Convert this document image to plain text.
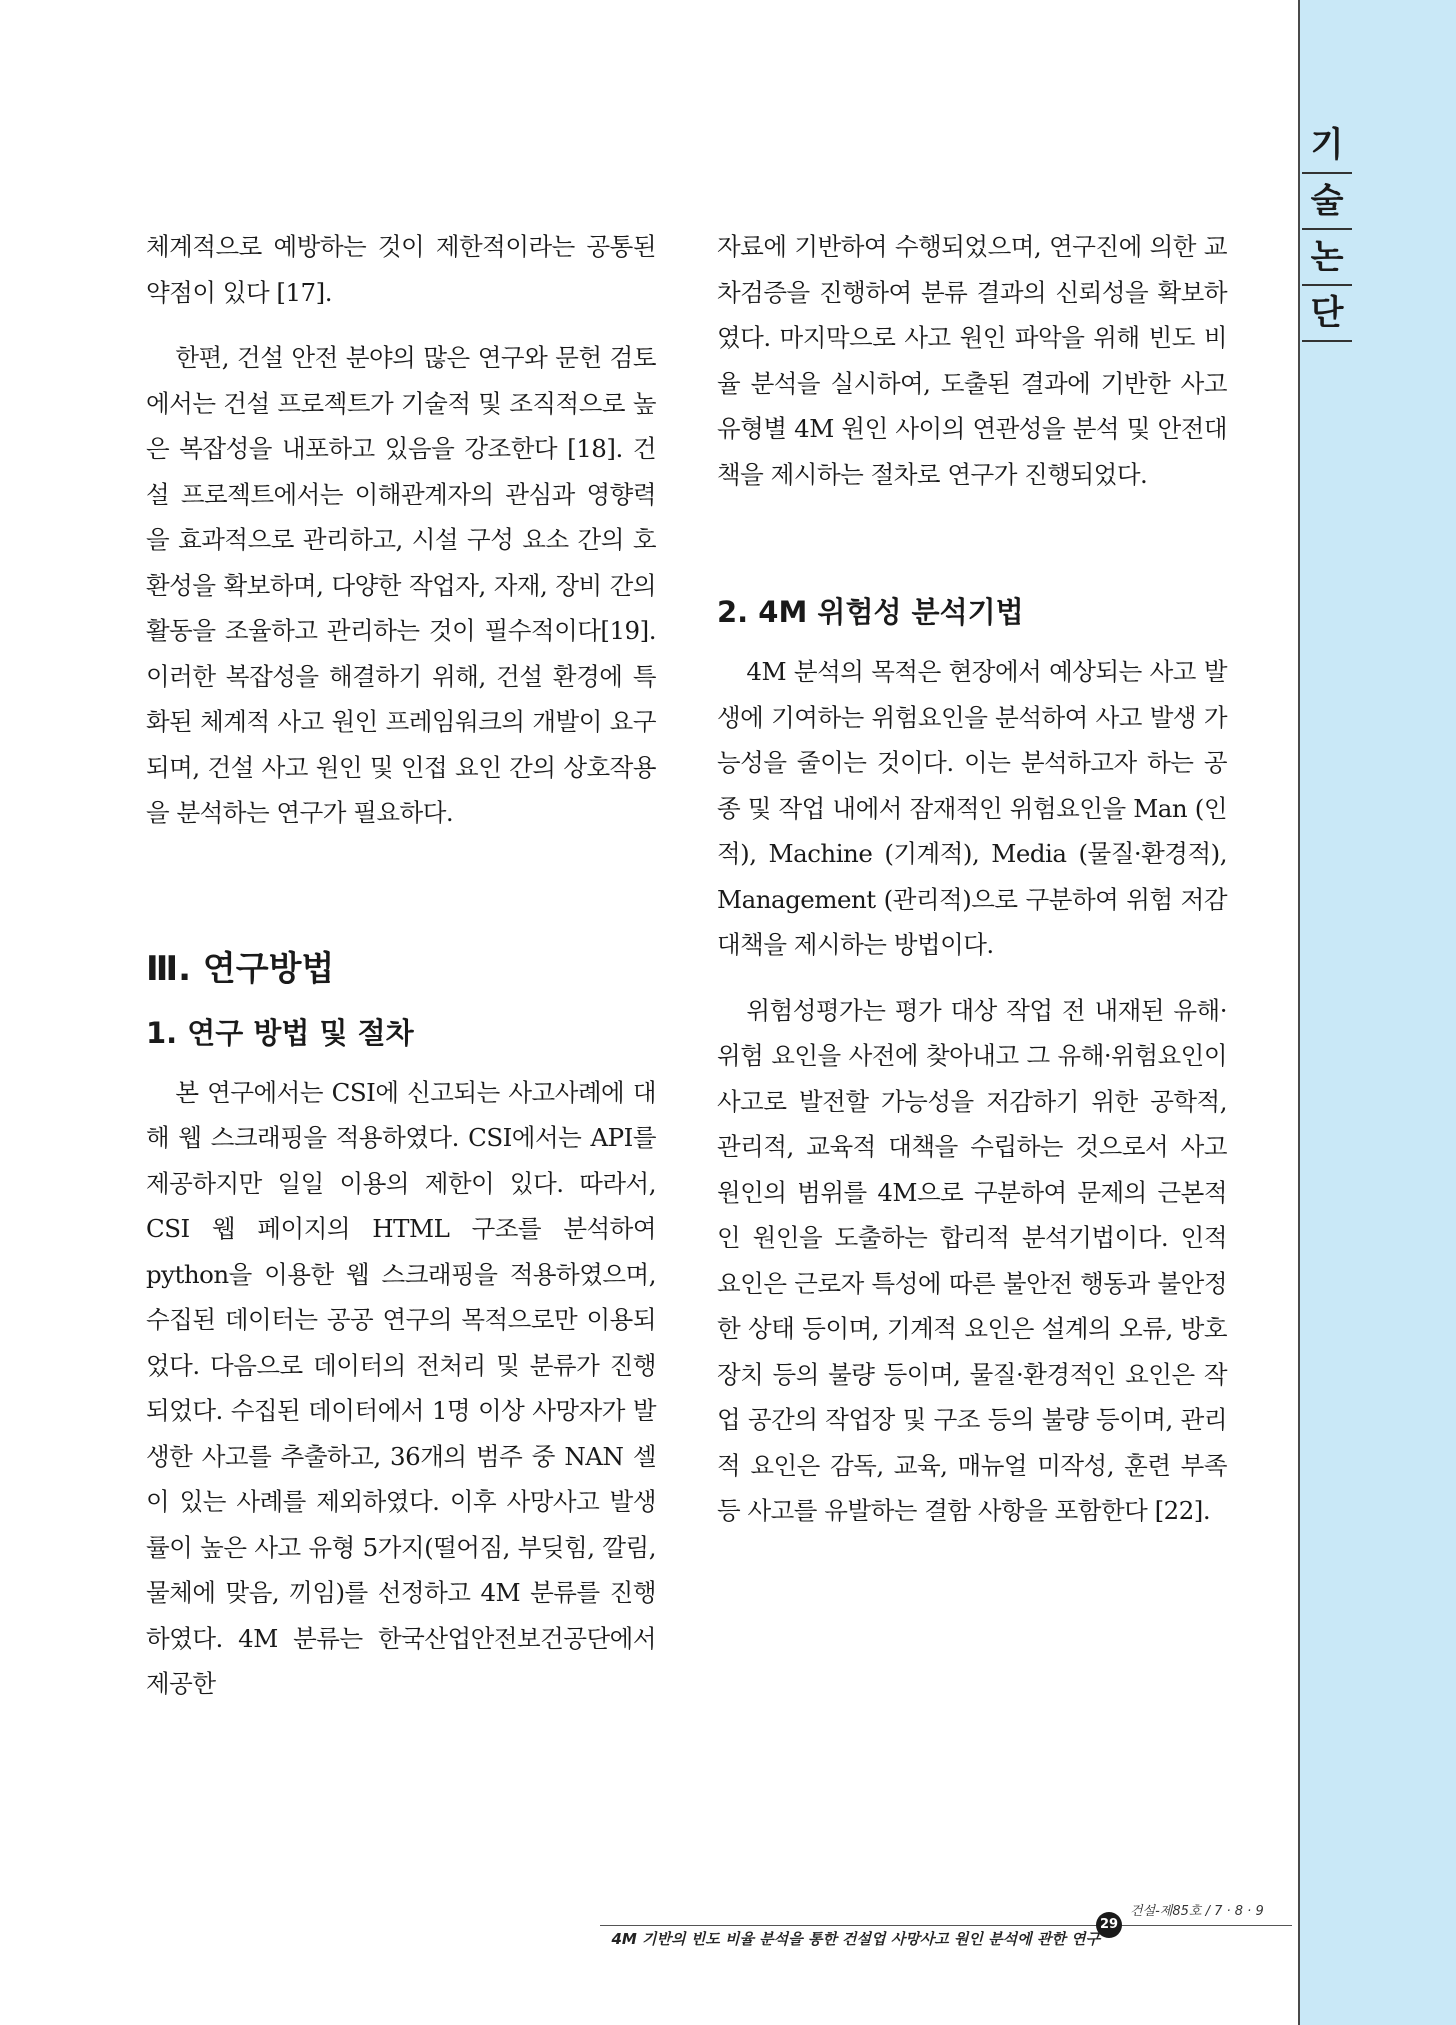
기
술
논
단

체계적으로 예방하는 것이 제한적이라는 공통된 약점이 있다 [17].

한편, 건설 안전 분야의 많은 연구와 문헌 검토에서는 건설 프로젝트가 기술적 및 조직적으로 높은 복잡성을 내포하고 있음을 강조한다 [18]. 건설 프로젝트에서는 이해관계자의 관심과 영향력을 효과적으로 관리하고, 시설 구성 요소 간의 호환성을 확보하며, 다양한 작업자, 자재, 장비 간의 활동을 조율하고 관리하는 것이 필수적이다[19]. 이러한 복잡성을 해결하기 위해, 건설 환경에 특화된 체계적 사고 원인 프레임워크의 개발이 요구되며, 건설 사고 원인 및 인접 요인 간의 상호작용을 분석하는 연구가 필요하다.

Ⅲ. 연구방법
1. 연구 방법 및 절차

본 연구에서는 CSI에 신고되는 사고사례에 대해 웹 스크래핑을 적용하였다. CSI에서는 API를 제공하지만 일일 이용의 제한이 있다. 따라서, CSI 웹 페이지의 HTML 구조를 분석하여 python을 이용한 웹 스크래핑을 적용하였으며, 수집된 데이터는 공공 연구의 목적으로만 이용되었다. 다음으로 데이터의 전처리 및 분류가 진행되었다. 수집된 데이터에서 1명 이상 사망자가 발생한 사고를 추출하고, 36개의 범주 중 NAN 셀이 있는 사례를 제외하였다. 이후 사망사고 발생률이 높은 사고 유형 5가지(떨어짐, 부딪힘, 깔림, 물체에 맞음, 끼임)를 선정하고 4M 분류를 진행하였다. 4M 분류는 한국산업안전보건공단에서 제공한

자료에 기반하여 수행되었으며, 연구진에 의한 교차검증을 진행하여 분류 결과의 신뢰성을 확보하였다. 마지막으로 사고 원인 파악을 위해 빈도 비율 분석을 실시하여, 도출된 결과에 기반한 사고 유형별 4M 원인 사이의 연관성을 분석 및 안전대책을 제시하는 절차로 연구가 진행되었다.

2. 4M 위험성 분석기법

4M 분석의 목적은 현장에서 예상되는 사고 발생에 기여하는 위험요인을 분석하여 사고 발생 가능성을 줄이는 것이다. 이는 분석하고자 하는 공종 및 작업 내에서 잠재적인 위험요인을 Man (인적), Machine (기계적), Media (물질·환경적), Management (관리적)으로 구분하여 위험 저감 대책을 제시하는 방법이다.

위험성평가는 평가 대상 작업 전 내재된 유해·위험 요인을 사전에 찾아내고 그 유해·위험요인이 사고로 발전할 가능성을 저감하기 위한 공학적, 관리적, 교육적 대책을 수립하는 것으로서 사고 원인의 범위를 4M으로 구분하여 문제의 근본적인 원인을 도출하는 합리적 분석기법이다. 인적 요인은 근로자 특성에 따른 불안전 행동과 불안정한 상태 등이며, 기계적 요인은 설계의 오류, 방호장치 등의 불량 등이며, 물질·환경적인 요인은 작업 공간의 작업장 및 구조 등의 불량 등이며, 관리적 요인은 감독, 교육, 매뉴얼 미작성, 훈련 부족 등 사고를 유발하는 결함 사항을 포함한다 [22].

건설-제85호 / 7 · 8 · 9
29
4M 기반의 빈도 비율 분석을 통한 건설업 사망사고 원인 분석에 관한 연구
